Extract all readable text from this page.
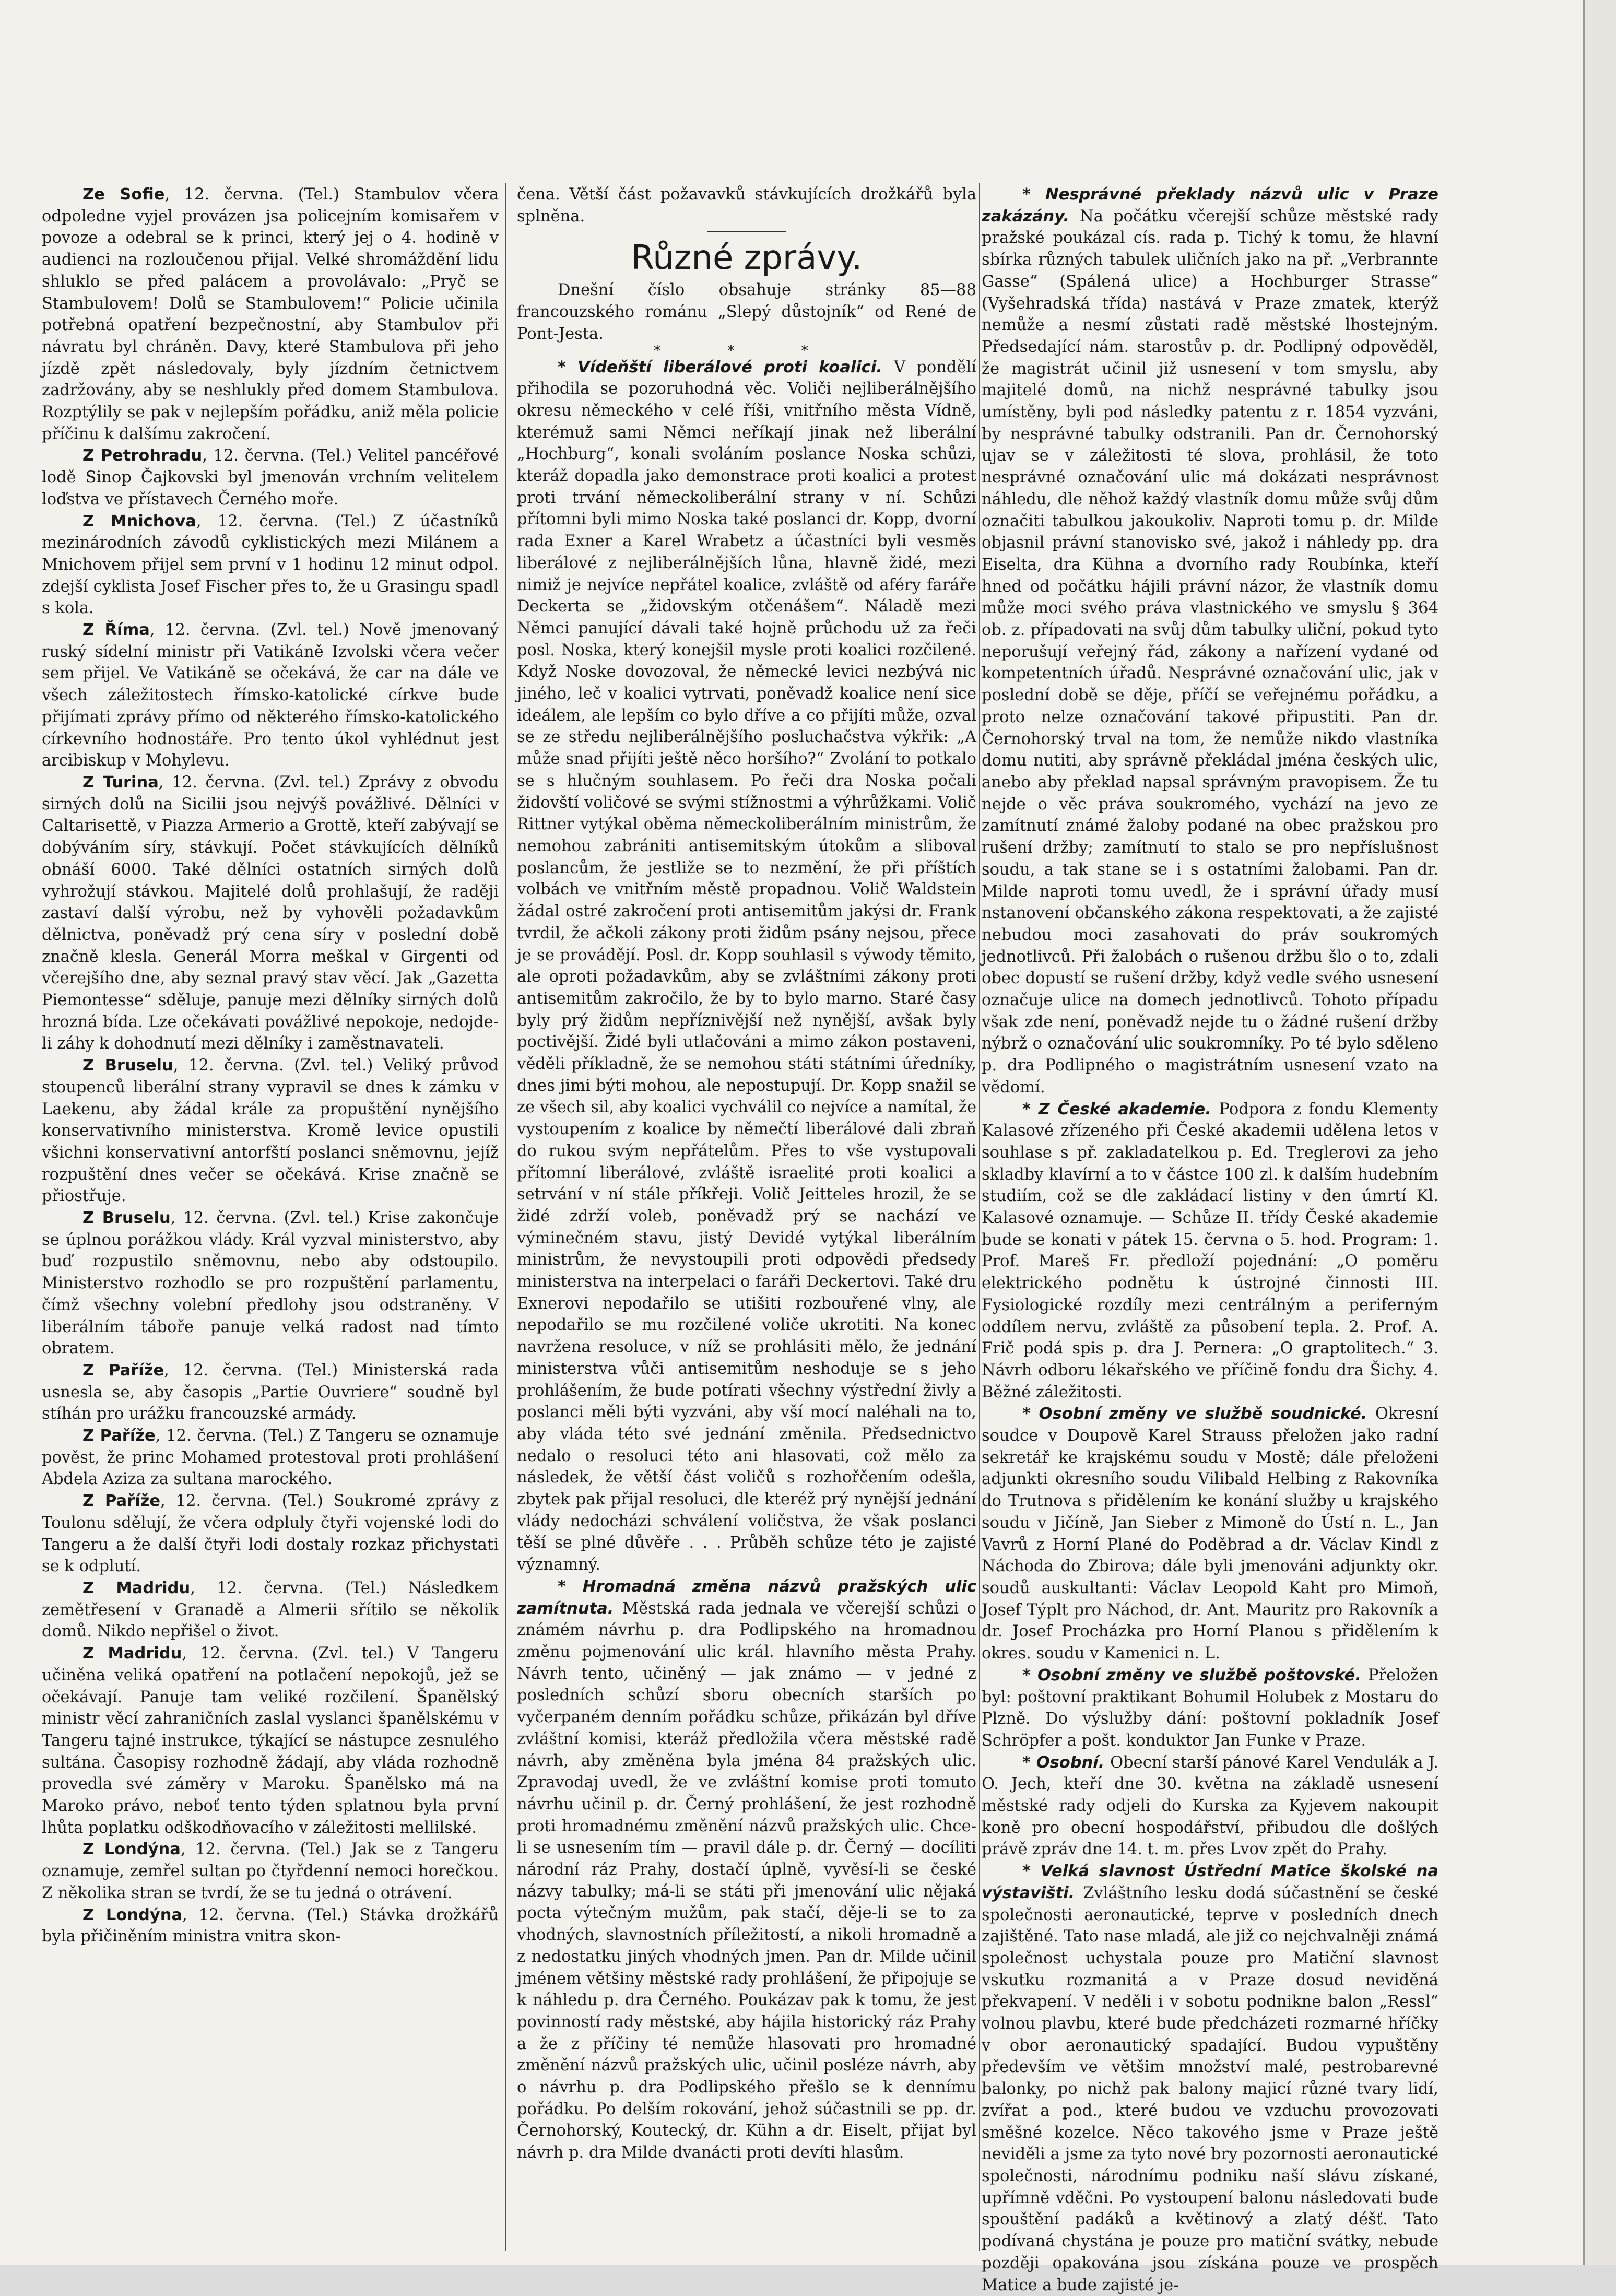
Ze Sofie, 12. června. (Tel.) Stambulov včera odpoledne vyjel provázen jsa policejním komisařem v povoze a odebral se k princi, který jej o 4. hodině v audienci na rozloučenou přijal. Velké shromáždění lidu shluklo se před palácem a provolávalo: „Pryč se Stambulovem! Dolů se Stambulovem!“ Policie učinila potřebná opatření bezpečnostní, aby Stambulov při návratu byl chráněn. Davy, které Stambulova při jeho jízdě zpět následovaly, byly jízdním četnictvem zadržovány, aby se neshlukly před domem Stambulova. Rozptýlily se pak v nejlepším pořádku, aniž měla policie příčinu k dalšímu zakročení.

Z Petrohradu, 12. června. (Tel.) Velitel pancéřové lodě Sinop Čajkovski byl jmenován vrchním velitelem loďstva ve přístavech Černého moře.

Z Mnichova, 12. června. (Tel.) Z účastníků mezinárodních závodů cyklistických mezi Milánem a Mnichovem přijel sem první v 1 hodinu 12 minut odpol. zdejší cyklista Josef Fischer přes to, že u Grasingu spadl s kola.

Z Říma, 12. června. (Zvl. tel.) Nově jmenovaný ruský sídelní ministr při Vatikáně Izvolski včera večer sem přijel. Ve Vatikáně se očekává, že car na dále ve všech záležitostech římsko-katolické církve bude přijímati zprávy přímo od některého římsko-katolického církevního hodnostáře. Pro tento úkol vyhlédnut jest arcibiskup v Mohylevu.

Z Turina, 12. června. (Zvl. tel.) Zprávy z obvodu sirných dolů na Sicilii jsou nejvýš povážlivé. Dělníci v Caltarisettě, v Piazza Armerio a Grottě, kteří zabývají se dobýváním síry, stávkují. Počet stávkujících dělníků obnáší 6000. Také dělníci ostatních sirných dolů vyhrožují stávkou. Majitelé dolů prohlašují, že raději zastaví další výrobu, než by vyhověli požadavkům dělnictva, poněvadž prý cena síry v poslední době značně klesla. Generál Morra meškal v Girgenti od včerejšího dne, aby seznal pravý stav věcí. Jak „Gazetta Piemontesse“ sděluje, panuje mezi dělníky sirných dolů hrozná bída. Lze očekávati povážlivé nepokoje, nedojde-li záhy k dohodnutí mezi dělníky i zaměstnavateli.

Z Bruselu, 12. června. (Zvl. tel.) Veliký průvod stoupenců liberální strany vypravil se dnes k zámku v Laekenu, aby žádal krále za propuštění nynějšího konservativního ministerstva. Kromě levice opustili všichni konservativní antorfští poslanci sněmovnu, jejíž rozpuštění dnes večer se očekává. Krise značně se přiostřuje.

Z Bruselu, 12. června. (Zvl. tel.) Krise zakončuje se úplnou porážkou vlády. Král vyzval ministerstvo, aby buď rozpustilo sněmovnu, nebo aby odstoupilo. Ministerstvo rozhodlo se pro rozpuštění parlamentu, čímž všechny volební předlohy jsou odstraněny. V liberálním táboře panuje velká radost nad tímto obratem.

Z Paříže, 12. června. (Tel.) Ministerská rada usnesla se, aby časopis „Partie Ouvriere“ soudně byl stíhán pro urážku francouzské armády.

Z Paříže, 12. června. (Tel.) Z Tangeru se oznamuje pověst, že princ Mohamed protestoval proti prohlášení Abdela Aziza za sultana marockého.

Z Paříže, 12. června. (Tel.) Soukromé zprávy z Toulonu sdělují, že včera odpluly čtyři vojenské lodi do Tangeru a že další čtyři lodi dostaly rozkaz přichystati se k odplutí.

Z Madridu, 12. června. (Tel.) Následkem zemětřesení v Granadě a Almerii sřítilo se několik domů. Nikdo nepřišel o život.

Z Madridu, 12. června. (Zvl. tel.) V Tangeru učiněna veliká opatření na potlačení nepokojů, jež se očekávají. Panuje tam veliké rozčilení. Španělský ministr věcí zahraničních zaslal vyslanci španělskému v Tangeru tajné instrukce, týkající se nástupce zesnulého sultána. Časopisy rozhodně žádají, aby vláda rozhodně provedla své záměry v Maroku. Španělsko má na Maroko právo, neboť tento týden splatnou byla první lhůta poplatku odškodňovacího v záležitosti mellilské.

Z Londýna, 12. června. (Tel.) Jak se z Tangeru oznamuje, zemřel sultan po čtyřdenní nemoci horečkou. Z několika stran se tvrdí, že se tu jedná o otrávení.

Z Londýna, 12. června. (Tel.) Stávka drožkářů byla přičiněním ministra vnitra skon-

čena. Větší část požavavků stávkujících drožkářů byla splněna.

Různé zprávy.

Dnešní číslo obsahuje stránky 85—88 francouzského románu „Slepý důstojník“ od René de Pont-Jesta.

* * *

* Vídeňští liberálové proti koalici. V pondělí přihodila se pozoruhodná věc. Voliči nejliberálnějšího okresu německého v celé říši, vnitřního města Vídně, kterémuž sami Němci neříkají jinak než liberální „Hochburg“, konali svoláním poslance Noska schůzi, kteráž dopadla jako demonstrace proti koalici a protest proti trvání německoliberální strany v ní. Schůzi přítomni byli mimo Noska také poslanci dr. Kopp, dvorní rada Exner a Karel Wrabetz a účastníci byli vesměs liberálové z nejliberálnějších lůna, hlavně židé, mezi nimiž je nejvíce nepřátel koalice, zvláště od aféry faráře Deckerta se „židovským otčenášem“. Náladě mezi Němci panující dávali také hojně průchodu už za řeči posl. Noska, který konejšil mysle proti koalici rozčilené. Když Noske dovozoval, že německé levici nezbývá nic jiného, leč v koalici vytrvati, poněvadž koalice není sice ideálem, ale lepším co bylo dříve a co přijíti může, ozval se ze středu nejliberálnějšího posluchačstva výkřik: „A může snad přijíti ještě něco horšího?“ Zvolání to potkalo se s hlučným souhlasem. Po řeči dra Noska počali židovští voličové se svými stížnostmi a výhrůžkami. Volič Rittner vytýkal oběma německoliberálním ministrům, že nemohou zabrániti antisemitským útokům a sliboval poslancům, že jestliže se to nezmění, že při příštích volbách ve vnitřním městě propadnou. Volič Waldstein žádal ostré zakročení proti antisemitům jakýsi dr. Frank tvrdil, že ačkoli zákony proti židům psány nejsou, přece je se provádějí. Posl. dr. Kopp souhlasil s výwody těmito, ale oproti požadavkům, aby se zvláštními zákony proti antisemitům zakročilo, že by to bylo marno. Staré časy byly prý židům nepříznivější než nynější, avšak byly poctivější. Židé byli utlačováni a mimo zákon postaveni, věděli příkladně, že se nemohou státi státními úředníky, dnes jimi býti mohou, ale nepostupují. Dr. Kopp snažil se ze všech sil, aby koalici vychválil co nejvíce a namítal, že vystoupením z koalice by němečtí liberálové dali zbraň do rukou svým nepřátelům. Přes to vše vystupovali přítomní liberálové, zvláště israelité proti koalici a setrvání v ní stále příkřeji. Volič Jeitteles hrozil, že se židé zdrží voleb, poněvadž prý se nachází ve výminečném stavu, jistý Devidé vytýkal liberálním ministrům, že nevystoupili proti odpovědi předsedy ministerstva na interpelaci o faráři Deckertovi. Také dru Exnerovi nepodařilo se utišiti rozbouřené vlny, ale nepodařilo se mu rozčilené voliče ukrotiti. Na konec navržena resoluce, v níž se prohlásiti mělo, že jednání ministerstva vůči antisemitům neshoduje se s jeho prohlášením, že bude potírati všechny výstřední živly a poslanci měli býti vyzváni, aby vší mocí naléhali na to, aby vláda této své jednání změnila. Předsednictvo nedalo o resoluci této ani hlasovati, což mělo za následek, že větší část voličů s rozhořčením odešla, zbytek pak přijal resoluci, dle kteréž prý nynější jednání vlády nedocházi schválení voličstva, že však poslanci těší se plné důvěře . . . Průběh schůze této je zajisté významný.

* Hromadná změna názvů pražských ulic zamítnuta. Městská rada jednala ve včerejší schůzi o známém návrhu p. dra Podlipského na hromadnou změnu pojmenování ulic král. hlavního města Prahy. Návrh tento, učiněný — jak známo — v jedné z posledních schůzí sboru obecních starších po vyčerpaném denním pořádku schůze, přikázán byl dříve zvláštní komisi, kteráž předložila včera městské radě návrh, aby změněna byla jména 84 pražských ulic. Zpravodaj uvedl, že ve zvláštní komise proti tomuto návrhu učinil p. dr. Černý prohlášení, že jest rozhodně proti hromadnému změnění názvů pražských ulic. Chce-li se usnesením tím — pravil dále p. dr. Černý — docíliti národní ráz Prahy, dostačí úplně, vyvěsí-li se české názvy tabulky; má-li se státi při jmenování ulic nějaká pocta výtečným mužům, pak stačí, děje-li se to za vhodných, slavnostních příležitostí, a nikoli hromadně a z nedostatku jiných vhodných jmen. Pan dr. Milde učinil jménem většiny městské rady prohlášení, že připojuje se k náhledu p. dra Černého. Poukázav pak k tomu, že jest povinností rady městské, aby hájila historický ráz Prahy a že z příčiny té nemůže hlasovati pro hromadné změnění názvů pražských ulic, učinil posléze návrh, aby o návrhu p. dra Podlipského přešlo se k dennímu pořádku. Po delším rokování, jehož súčastnili se pp. dr. Černohorský, Koutecký, dr. Kühn a dr. Eiselt, přijat byl návrh p. dra Milde dvanácti proti devíti hlasům.

* Nesprávné překlady názvů ulic v Praze zakázány. Na počátku včerejší schůze městské rady pražské poukázal cís. rada p. Tichý k tomu, že hlavní sbírka různých tabulek uličních jako na př. „Verbrannte Gasse“ (Spálená ulice) a Hochburger Strasse“ (Vyšehradská třída) nastává v Praze zmatek, kterýž nemůže a nesmí zůstati radě městské lhostejným. Předsedající nám. starostův p. dr. Podlipný odpověděl, že magistrát učinil již usnesení v tom smyslu, aby majitelé domů, na nichž nesprávné tabulky jsou umístěny, byli pod následky patentu z r. 1854 vyzváni, by nesprávné tabulky odstranili. Pan dr. Černohorský ujav se v záležitosti té slova, prohlásil, že toto nesprávné označování ulic má dokázati nesprávnost náhledu, dle něhož každý vlastník domu může svůj dům označiti tabulkou jakoukoliv. Naproti tomu p. dr. Milde objasnil právní stanovisko své, jakož i náhledy pp. dra Eiselta, dra Kühna a dvorního rady Roubínka, kteří hned od počátku hájili právní názor, že vlastník domu může moci svého práva vlastnického ve smyslu § 364 ob. z. případovati na svůj dům tabulky uliční, pokud tyto neporušují veřejný řád, zákony a nařízení vydané od kompetentních úřadů. Nesprávné označování ulic, jak v poslední době se děje, příčí se veřejnému pořádku, a proto nelze označování takové připustiti. Pan dr. Černohorský trval na tom, že nemůže nikdo vlastníka domu nutiti, aby správně překládal jména českých ulic, anebo aby překlad napsal správným pravopisem. Že tu nejde o věc práva soukromého, vychází na jevo ze zamítnutí známé žaloby podané na obec pražskou pro rušení držby; zamítnutí to stalo se pro nepříslušnost soudu, a tak stane se i s ostatními žalobami. Pan dr. Milde naproti tomu uvedl, že i správní úřady musí nstanovení občanského zákona respektovati, a že zajisté nebudou moci zasahovati do práv soukromých jednotlivců. Při žalobách o rušenou držbu šlo o to, zdali obec dopustí se rušení držby, když vedle svého usnesení označuje ulice na domech jednotlivců. Tohoto případu však zde není, poněvadž nejde tu o žádné rušení držby nýbrž o označování ulic soukromníky. Po té bylo sděleno p. dra Podlipného o magistrátním usnesení vzato na vědomí.

* Z České akademie. Podpora z fondu Klementy Kalasové zřízeného při České akademii udělena letos v souhlase s př. zakladatelkou p. Ed. Treglerovi za jeho skladby klavírní a to v částce 100 zl. k dalším hudebním studiím, což se dle zakládací listiny v den úmrtí Kl. Kalasové oznamuje. — Schůze II. třídy České akademie bude se konati v pátek 15. června o 5. hod. Program: 1. Prof. Mareš Fr. předloží pojednání: „O poměru elektrického podnětu k ústrojné činnosti III. Fysiologické rozdíly mezi centrálným a periferným oddílem nervu, zvláště za působení tepla. 2. Prof. A. Frič podá spis p. dra J. Pernera: „O graptolitech.“ 3. Návrh odboru lékařského ve příčině fondu dra Šichy. 4. Běžné záležitosti.

* Osobní změny ve službě soudnické. Okresní soudce v Doupově Karel Strauss přeložen jako radní sekretář ke krajskému soudu v Mostě; dále přeloženi adjunkti okresního soudu Vilibald Helbing z Rakovníka do Trutnova s přidělením ke konání služby u krajského soudu v Jičíně, Jan Sieber z Mimoně do Ústí n. L., Jan Vavrů z Horní Plané do Poděbrad a dr. Václav Kindl z Náchoda do Zbirova; dále byli jmenováni adjunkty okr. soudů auskultanti: Václav Leopold Kaht pro Mimoň, Josef Týplt pro Náchod, dr. Ant. Mauritz pro Rakovník a dr. Josef Procházka pro Horní Planou s přidělením k okres. soudu v Kamenici n. L.

* Osobní změny ve službě poštovské. Přeložen byl: poštovní praktikant Bohumil Holubek z Mostaru do Plzně. Do výslužby dání: poštovní pokladník Josef Schröpfer a pošt. konduktor Jan Funke v Praze.

* Osobní. Obecní starší pánové Karel Vendulák a J. O. Jech, kteří dne 30. května na základě usnesení městské rady odjeli do Kurska za Kyjevem nakoupit koně pro obecní hospodářství, přibudou dle došlých právě zpráv dne 14. t. m. přes Lvov zpět do Prahy.

* Velká slavnost Ústřední Matice školské na výstavišti. Zvláštního lesku dodá súčastnění se české společnosti aeronautické, teprve v posledních dnech zajištěné. Tato nase mladá, ale již co nejchvalněji známá společnost uchystala pouze pro Matiční slavnost vskutku rozmanitá a v Praze dosud neviděná překvapení. V neděli i v sobotu podnikne balon „Ressl“ volnou plavbu, které bude předcházeti rozmarné hříčky v obor aeronautický spadající. Budou vypuštěny především ve většim množství malé, pestrobarevné balonky, po nichž pak balony majicí různé tvary lidí, zvířat a pod., které budou ve vzduchu provozovati směšné kozelce. Něco takového jsme v Praze ještě neviděli a jsme za tyto nové bry pozornosti aeronautické společnosti, národnímu podniku naší slávu získané, upřímně vděčni. Po vystoupení balonu následovati bude spouštění padáků a květinový a zlatý déšť. Tato podívaná chystána je pouze pro matiční svátky, nebude později opakována jsou získána pouze ve prospěch Matice a bude zajisté je-
